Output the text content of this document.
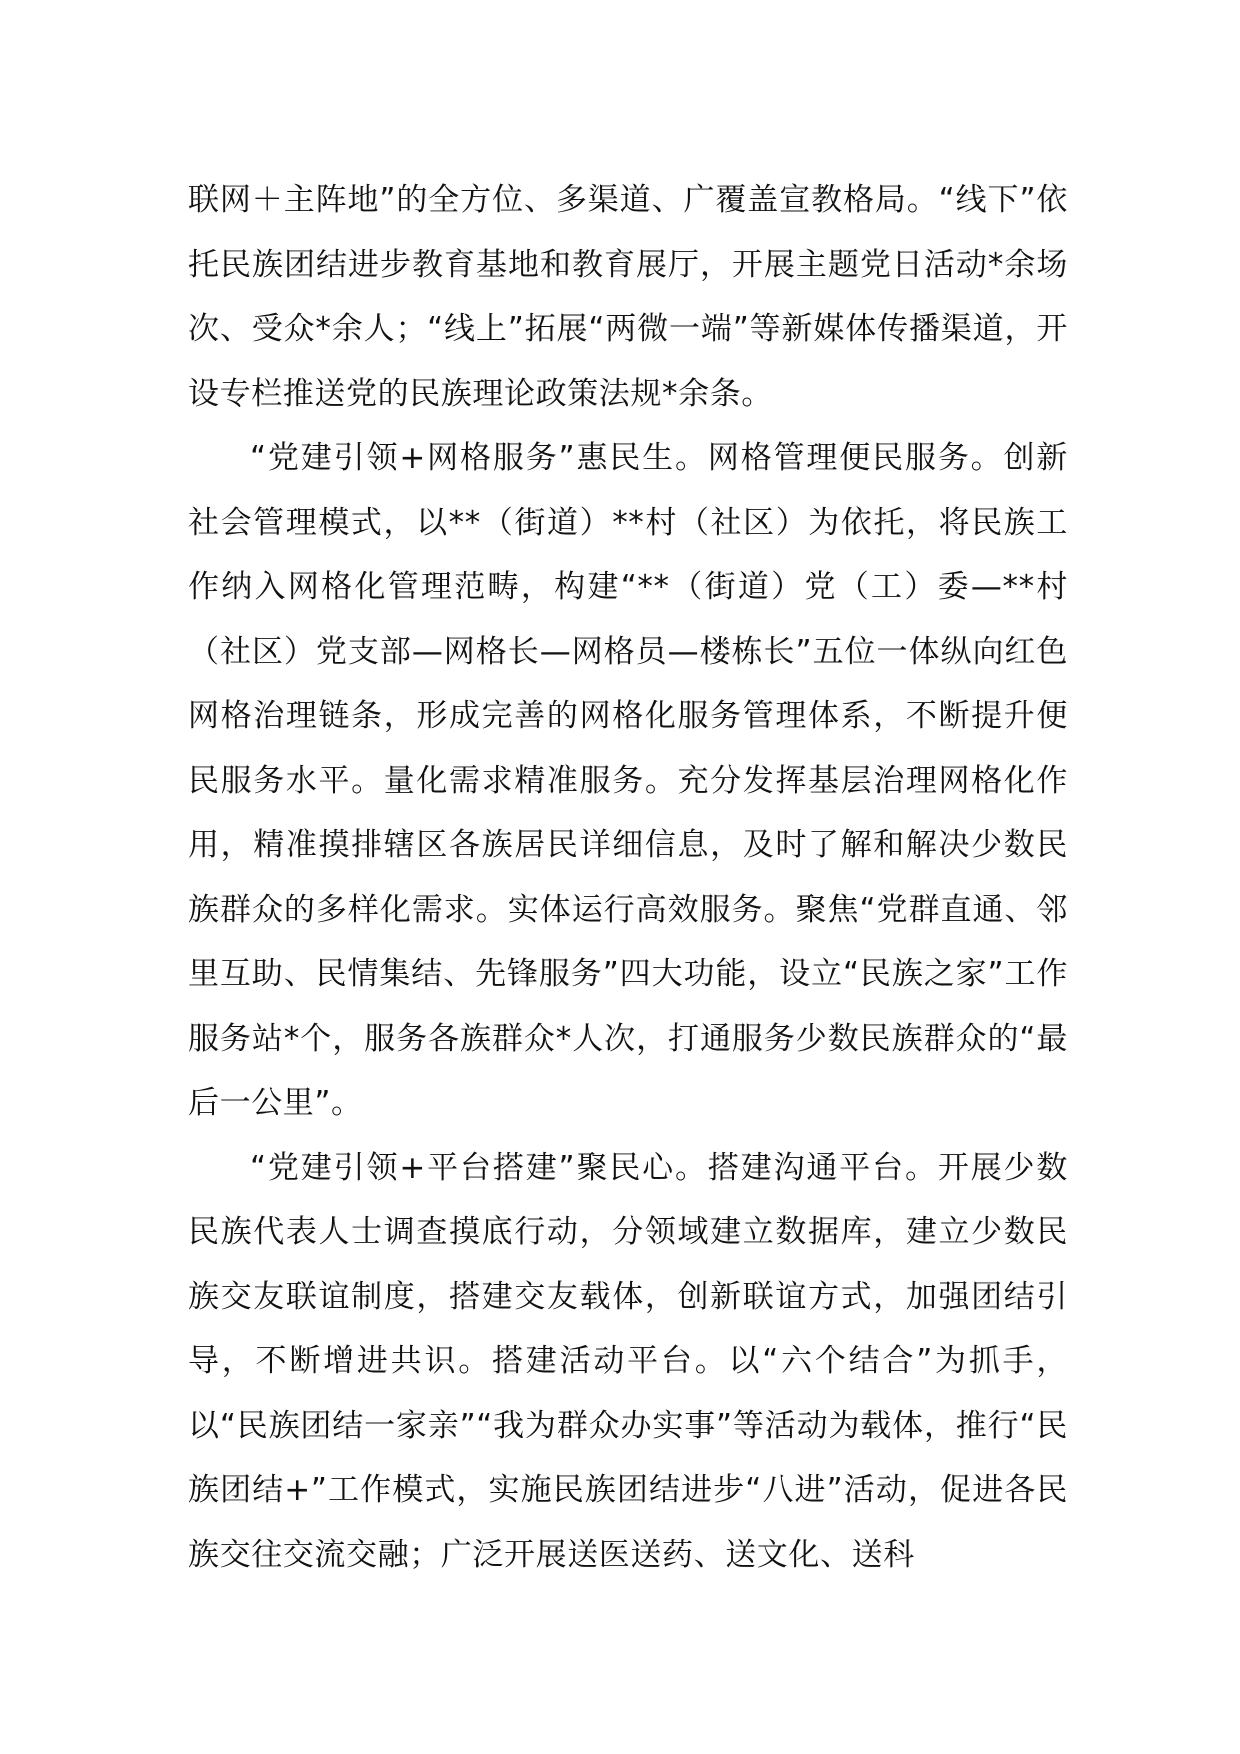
联网＋主阵地”的全方位、多渠道、广覆盖宣教格局。“线下”依托民族团结进步教育基地和教育展厅，开展主题党日活动*余场次、受众*余人；“线上”拓展“两微一端”等新媒体传播渠道，开设专栏推送党的民族理论政策法规*余条。

“党建引领+网格服务”惠民生。网格管理便民服务。创新社会管理模式，以**（街道）**村（社区）为依托，将民族工作纳入网格化管理范畴，构建“**（街道）党（工）委—**村（社区）党支部—网格长—网格员—楼栋长”五位一体纵向红色网格治理链条，形成完善的网格化服务管理体系，不断提升便民服务水平。量化需求精准服务。充分发挥基层治理网格化作用，精准摸排辖区各族居民详细信息，及时了解和解决少数民族群众的多样化需求。实体运行高效服务。聚焦“党群直通、邻里互助、民情集结、先锋服务”四大功能，设立“民族之家”工作服务站*个，服务各族群众*人次，打通服务少数民族群众的“最后一公里”。

“党建引领+平台搭建”聚民心。搭建沟通平台。开展少数民族代表人士调查摸底行动，分领域建立数据库，建立少数民族交友联谊制度，搭建交友载体，创新联谊方式，加强团结引导，不断增进共识。搭建活动平台。以“六个结合”为抓手，以“民族团结一家亲”“我为群众办实事”等活动为载体，推行“民族团结+”工作模式，实施民族团结进步“八进”活动，促进各民族交往交流交融；广泛开展送医送药、送文化、送科
